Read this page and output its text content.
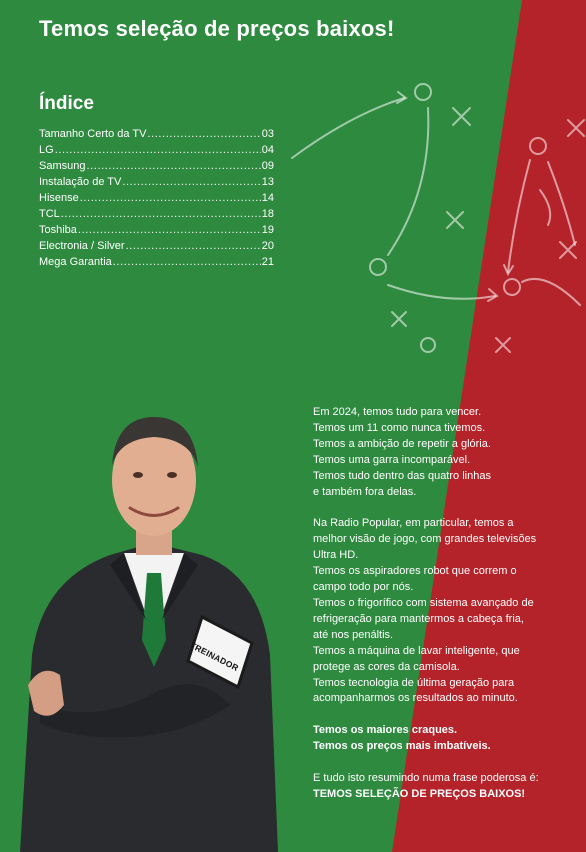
Temos seleção de preços baixos!
Índice
Tamanho Certo da TV .....	03
LG .....	04
Samsung .....	09
Instalação de TV .....	13
Hisense .....	14
TCL .....	18
Toshiba .....	19
Electronia / Silver .....	20
Mega Garantia .....	21
TREINADOR

Em 2024, temos tudo para vencer.

Temos um 11 como nunca tivemos.

Temos a ambição de repetir a glória.

Temos uma garra incomparável.

Temos tudo dentro das quatro linhas

e também fora delas.

Na Radio Popular, em particular, temos a

melhor visão de jogo, com grandes televisões

Ultra HD.

Temos os aspiradores robot que correm o

campo todo por nós.

Temos o frigorífico com sistema avançado de

refrigeração para mantermos a cabeça fria,

até nos penáltis.

Temos a máquina de lavar inteligente, que

protege as cores da camisola.

Temos tecnologia de última geração para

acompanharmos os resultados ao minuto.

Temos os maiores craques.

Temos os preços mais imbatíveis.

E tudo isto resumindo numa frase poderosa é:

TEMOS SELEÇÃO DE PREÇOS BAIXOS!
